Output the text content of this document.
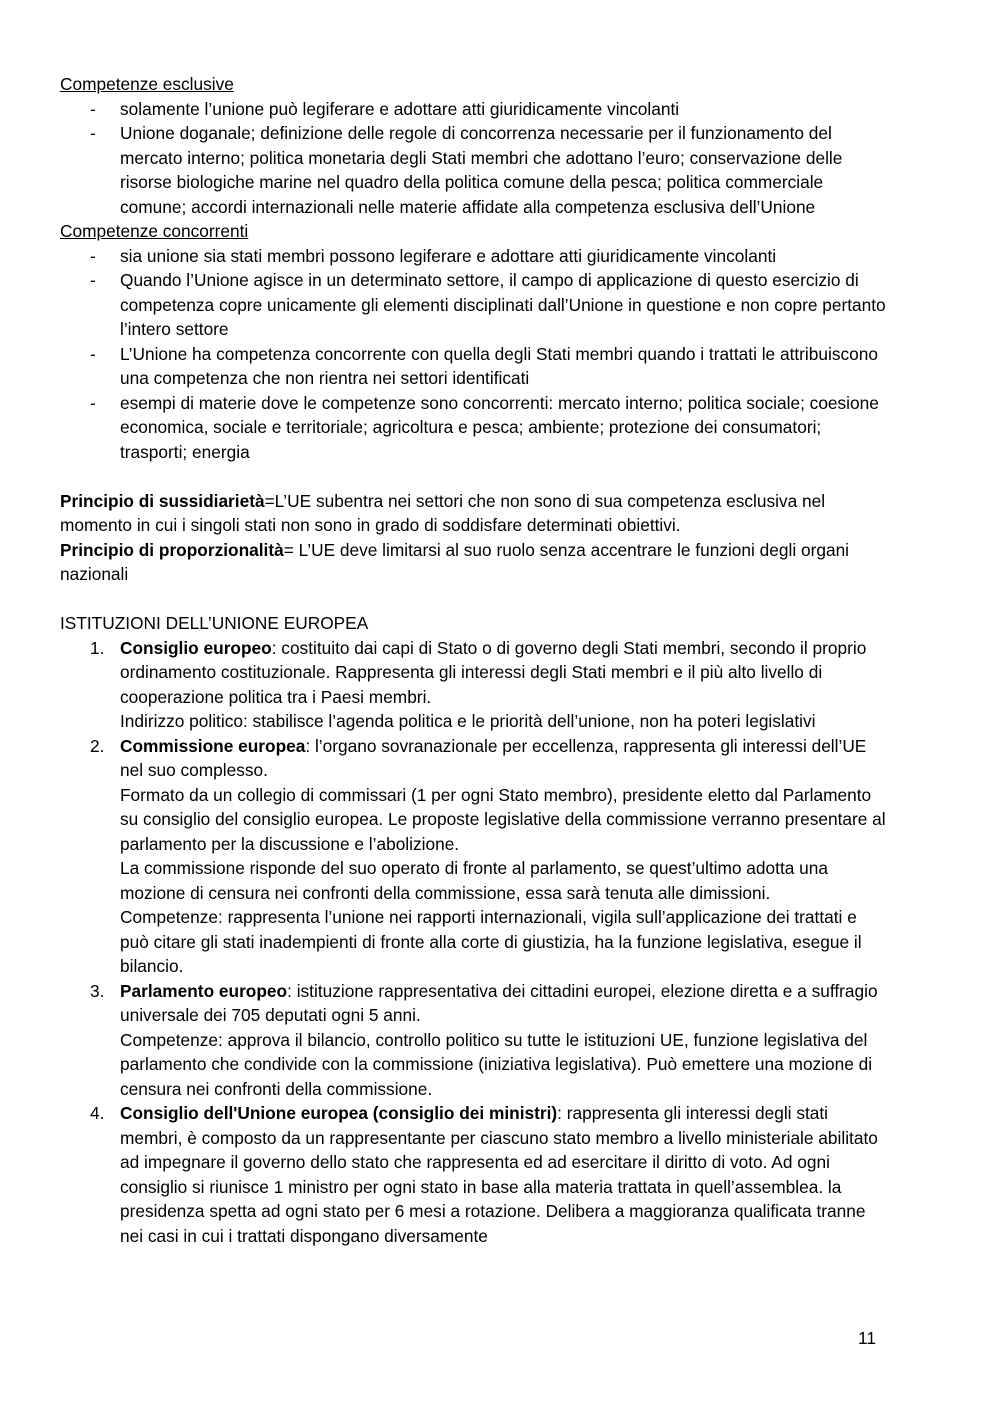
Competenze esclusive
- solamente l’unione può legiferare e adottare atti giuridicamente vincolanti
- Unione doganale; definizione delle regole di concorrenza necessarie per il funzionamento del mercato interno; politica monetaria degli Stati membri che adottano l’euro; conservazione delle risorse biologiche marine nel quadro della politica comune della pesca; politica commerciale comune; accordi internazionali nelle materie affidate alla competenza esclusiva dell’Unione
Competenze concorrenti
- sia unione sia stati membri possono legiferare e adottare atti giuridicamente vincolanti
- Quando l’Unione agisce in un determinato settore, il campo di applicazione di questo esercizio di competenza copre unicamente gli elementi disciplinati dall’Unione in questione e non copre pertanto l’intero settore
- L’Unione ha competenza concorrente con quella degli Stati membri quando i trattati le attribuiscono una competenza che non rientra nei settori identificati
- esempi di materie dove le competenze sono concorrenti: mercato interno; politica sociale; coesione economica, sociale e territoriale; agricoltura e pesca; ambiente; protezione dei consumatori; trasporti; energia
Principio di sussidiarietà=L’UE subentra nei settori che non sono di sua competenza esclusiva nel momento in cui i singoli stati non sono in grado di soddisfare determinati obiettivi.
Principio di proporzionalità= L’UE deve limitarsi al suo ruolo senza accentrare le funzioni degli organi nazionali
ISTITUZIONI DELL’UNIONE EUROPEA
1. Consiglio europeo: costituito dai capi di Stato o di governo degli Stati membri, secondo il proprio ordinamento costituzionale. Rappresenta gli interessi degli Stati membri e il più alto livello di cooperazione politica tra i Paesi membri.
Indirizzo politico: stabilisce l’agenda politica e le priorità dell’unione, non ha poteri legislativi
2. Commissione europea: l’organo sovranazionale per eccellenza, rappresenta gli interessi dell’UE nel suo complesso.
Formato da un collegio di commissari (1 per ogni Stato membro), presidente eletto dal Parlamento su consiglio del consiglio europea. Le proposte legislative della commissione verranno presentare al parlamento per la discussione e l’abolizione.
La commissione risponde del suo operato di fronte al parlamento, se quest’ultimo adotta una mozione di censura nei confronti della commissione, essa sarà tenuta alle dimissioni.
Competenze: rappresenta l’unione nei rapporti internazionali, vigila sull’applicazione dei trattati e può citare gli stati inadempienti di fronte alla corte di giustizia, ha la funzione legislativa, esegue il bilancio.
3. Parlamento europeo: istituzione rappresentativa dei cittadini europei, elezione diretta e a suffragio universale dei 705 deputati ogni 5 anni.
Competenze: approva il bilancio, controllo politico su tutte le istituzioni UE, funzione legislativa del parlamento che condivide con la commissione (iniziativa legislativa). Può emettere una mozione di censura nei confronti della commissione.
4. Consiglio dell'Unione europea (consiglio dei ministri): rappresenta gli interessi degli stati membri, è composto da un rappresentante per ciascuno stato membro a livello ministeriale abilitato ad impegnare il governo dello stato che rappresenta ed ad esercitare il diritto di voto. Ad ogni consiglio si riunisce 1 ministro per ogni stato in base alla materia trattata in quell’assemblea. la presidenza spetta ad ogni stato per 6 mesi a rotazione. Delibera a maggioranza qualificata tranne nei casi in cui i trattati dispongano diversamente
11
